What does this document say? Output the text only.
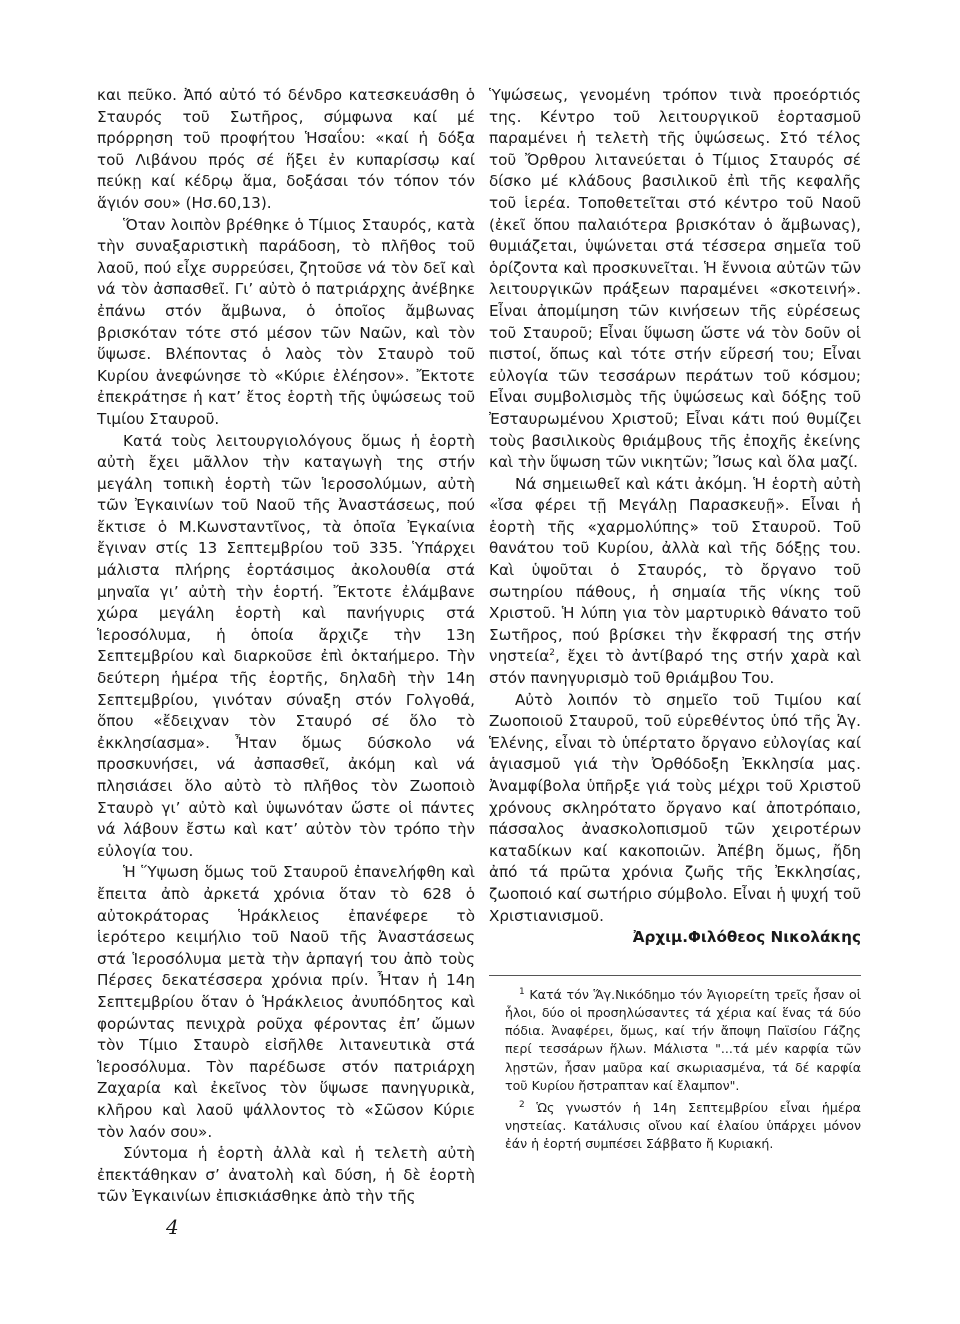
και πεῦκο. Ἀπό αὐτό τό δένδρο κατεσκευάσθη ὁ Σταυρός τοῦ Σωτῆρος, σύμφωνα καί μέ πρόρρηση τοῦ προφήτου Ἡσαΐου: «καί ἡ δόξα τοῦ Λιβάνου πρός σέ ἥξει ἐν κυπαρίσσῳ καί πεύκῃ καί κέδρῳ ἅμα, δοξάσαι τόν τόπον τόν ἅγιόν σου» (Ησ.60,13).

Ὅταν λοιπὸν βρέθηκε ὁ Τίμιος Σταυρός, κατὰ τὴν συναξαριστικὴ παράδοση, τὸ πλῆθος τοῦ λαοῦ, πού εἶχε συρρεύσει, ζητοῦσε νά τὸν δεῖ καὶ νά τὸν ἀσπασθεῖ. Γι’ αὐτὸ ὁ πατριάρχης ἀνέβηκε ἐπάνω στόν ἄμβωνα, ὁ ὁποῖος ἄμβωνας βρισκόταν τότε στό μέσον τῶν Ναῶν, καὶ τὸν ὕψωσε. Βλέποντας ὁ λαὸς τὸν Σταυρὸ τοῦ Κυρίου ἀνεφώνησε τὸ «Κύριε ἐλέησον». Ἔκτοτε ἐπεκράτησε ἡ κατ’ ἔτος ἑορτὴ τῆς ὑψώσεως τοῦ Τιμίου Σταυροῦ.

Κατά τοὺς λειτουργιολόγους ὅμως ἡ ἑορτὴ αὐτὴ ἔχει μᾶλλον τὴν καταγωγὴ της στήν μεγάλη τοπικὴ ἑορτὴ τῶν Ἱεροσολύμων, αὐτὴ τῶν Ἐγκαινίων τοῦ Ναοῦ τῆς Ἀναστάσεως, πού ἔκτισε ὁ Μ.Κωνσταντῖνος, τὰ ὁποῖα Ἐγκαίνια ἔγιναν στίς 13 Σεπτεμβρίου τοῦ 335. Ὑπάρχει μάλιστα πλήρης ἑορτάσιμος ἀκολουθία στά μηναῖα γι’ αὐτὴ τὴν ἑορτή. Ἔκτοτε ἐλάμβανε χώρα μεγάλη ἑορτὴ καὶ πανήγυρις στά Ἱεροσόλυμα, ἡ ὁποία ἄρχιζε τὴν 13η Σεπτεμβρίου καὶ διαρκοῦσε ἐπὶ ὀκταήμερο. Τὴν δεύτερη ἡμέρα τῆς ἑορτῆς, δηλαδὴ τὴν 14η Σεπτεμβρίου, γινόταν σύναξη στόν Γολγοθά, ὅπου «ἔδειχναν τὸν Σταυρό σέ ὅλο τὸ ἐκκλησίασμα». Ἦταν ὅμως δύσκολο νά προσκυνήσει, νά ἀσπασθεῖ, ἀκόμη καὶ νά πλησιάσει ὅλο αὐτὸ τὸ πλῆθος τὸν Ζωοποιὸ Σταυρὸ γι’ αὐτὸ καὶ ὑψωνόταν ὥστε οἱ πάντες νά λάβουν ἔστω καὶ κατ’ αὐτὸν τὸν τρόπο τὴν εὐλογία του.

Ἡ Ὕψωση ὅμως τοῦ Σταυροῦ ἐπανελήφθη καὶ ἔπειτα ἀπὸ ἀρκετά χρόνια ὅταν τὸ 628 ὁ αὐτοκράτορας Ἡράκλειος ἐπανέφερε τὸ ἱερότερο κειμήλιο τοῦ Ναοῦ τῆς Ἀναστάσεως στά Ἱεροσόλυμα μετὰ τὴν ἁρπαγή του ἀπὸ τοὺς Πέρσες δεκατέσσερα χρόνια πρίν. Ἦταν ἡ 14η Σεπτεμβρίου ὅταν ὁ Ἡράκλειος ἀνυπόδητος καὶ φορώντας πενιχρὰ ροῦχα φέροντας ἐπ’ ὤμων τὸν Τίμιο Σταυρὸ εἰσῆλθε λιτανευτικὰ στά Ἱεροσόλυμα. Τὸν παρέδωσε στόν πατριάρχη Ζαχαρία καὶ ἐκεῖνος τὸν ὕψωσε πανηγυρικὰ, κλῆρου καὶ λαοῦ ψάλλοντος τὸ «Σῶσον Κύριε τὸν λαόν σου».

Σύντομα ἡ ἑορτὴ ἀλλὰ καὶ ἡ τελετὴ αὐτὴ ἐπεκτάθηκαν σ’ ἀνατολὴ καὶ δύση, ἡ δὲ ἑορτὴ τῶν Ἐγκαινίων ἐπισκιάσθηκε ἀπὸ τὴν τῆς

Ὑψώσεως, γενομένη τρόπον τινὰ προεόρτιός της. Κέντρο τοῦ λειτουργικοῦ ἑορτασμοῦ παραμένει ἡ τελετὴ τῆς ὑψώσεως. Στό τέλος τοῦ Ὄρθρου λιτανεύεται ὁ Τίμιος Σταυρός σέ δίσκο μέ κλάδους βασιλικοῦ ἐπὶ τῆς κεφαλῆς τοῦ ἱερέα. Τοποθετεῖται στό κέντρο τοῦ Ναοῦ (ἐκεῖ ὅπου παλαιότερα βρισκόταν ὁ ἄμβωνας), θυμιάζεται, ὑψώνεται στά τέσσερα σημεῖα τοῦ ὁρίζοντα καὶ προσκυνεῖται. Ἡ ἔννοια αὐτῶν τῶν λειτουργικῶν πράξεων παραμένει «σκοτεινή». Εἶναι ἀπομίμηση τῶν κινήσεων τῆς εὑρέσεως τοῦ Σταυροῦ; Εἶναι ὕψωση ὥστε νά τὸν δοῦν οἱ πιστοί, ὅπως καὶ τότε στήν εὕρεσή του; Εἶναι εὐλογία τῶν τεσσάρων περάτων τοῦ κόσμου; Εἶναι συμβολισμὸς τῆς ὑψώσεως καὶ δόξης τοῦ Ἐσταυρωμένου Χριστοῦ; Εἶναι κάτι πού θυμίζει τοὺς βασιλικοὺς θριάμβους τῆς ἐποχῆς ἐκείνης καὶ τὴν ὕψωση τῶν νικητῶν; Ἴσως καὶ ὅλα μαζί.

Νά σημειωθεῖ καὶ κάτι ἀκόμη. Ἡ ἑορτὴ αὐτὴ «ἴσα φέρει τῇ Μεγάλῃ Παρασκευῇ». Εἶναι ἡ ἑορτὴ τῆς «χαρμολύπης» τοῦ Σταυροῦ. Τοῦ θανάτου τοῦ Κυρίου, ἀλλὰ καὶ τῆς δόξῃς του. Καὶ ὑψοῦται ὁ Σταυρός, τὸ ὄργανο τοῦ σωτηρίου πάθους, ἡ σημαία τῆς νίκης τοῦ Χριστοῦ. Ἡ λύπη για τὸν μαρτυρικὸ θάνατο τοῦ Σωτῆρος, πού βρίσκει τὴν ἔκφρασή της στήν νηστεία$^2$, ἔχει τὸ ἀντίβαρό της στήν χαρὰ καὶ στόν πανηγυρισμὸ τοῦ θριάμβου Του.

Αὐτὸ λοιπόν τὸ σημεῖο τοῦ Τιμίου καί Ζωοποιοῦ Σταυροῦ, τοῦ εὑρεθέντος ὑπό τῆς Ἁγ. Ἑλένης, εἶναι τὸ ὑπέρτατο ὄργανο εὐλογίας καί ἁγιασμοῦ γιά τὴν Ὀρθόδοξη Ἐκκλησία μας. Ἀναμφίβολα ὑπῆρξε γιά τοὺς μέχρι τοῦ Χριστοῦ χρόνους σκληρότατο ὄργανο καί ἀποτρόπαιο, πάσσαλος ἀνασκολοπισμοῦ τῶν χειροτέρων καταδίκων καί κακοποιῶν. Ἀπέβη ὅμως, ἤδη ἀπό τά πρῶτα χρόνια ζωῆς τῆς Ἐκκλησίας, ζωοποιό καί σωτήριο σύμβολο. Εἶναι ἡ ψυχή τοῦ Χριστιανισμοῦ.

Ἀρχιμ.Φιλόθεος Νικολάκης

$^1$ Κατά τόν Ἅγ.Νικόδημο τόν Ἁγιορείτη τρεῖς ἦσαν οἱ ἧλοι, δύο οἱ προσηλώσαντες τά χέρια καί ἕνας τά δύο πόδια. Ἀναφέρει, ὅμως, καί τήν ἄποψη Παϊσίου Γάζης περί τεσσάρων ἥλων. Μάλιστα "...τά μέν καρφία τῶν λῃστῶν, ἦσαν μαῦρα καί σκωριασμένα, τά δέ καρφία τοῦ Κυρίου ἤστραπταν καί ἔλαμπον".

$^2$ Ὡς γνωστόν ἡ 14η Σεπτεμβρίου εἶναι ἡμέρα νηστείας. Κατάλυσις οἴνου καί ἐλαίου ὑπάρχει μόνον ἐάν ἡ ἑορτή συμπέσει Σάββατο ἤ Κυριακή.

4
